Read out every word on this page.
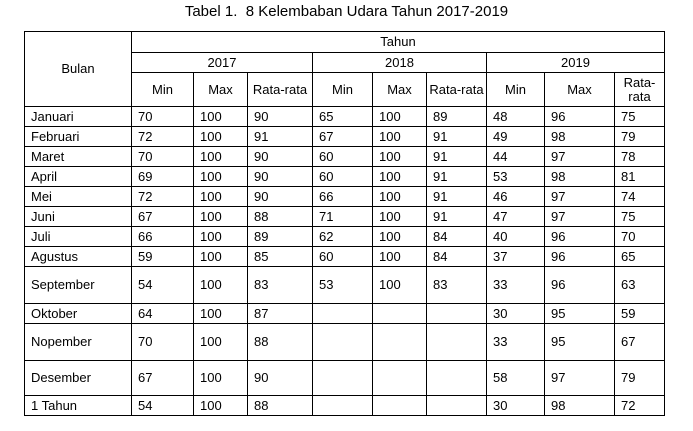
Tabel 1.  8 Kelembaban Udara Tahun 2017-2019
Bulan	Tahun								
	2017			2018			2019		
	Min	Max	Rata-rata	Min	Max	Rata-rata	Min	Max	Rata-rata
Januari	70	100	90	65	100	89	48	96	75
Februari	72	100	91	67	100	91	49	98	79
Maret	70	100	90	60	100	91	44	97	78
April	69	100	90	60	100	91	53	98	81
Mei	72	100	90	66	100	91	46	97	74
Juni	67	100	88	71	100	91	47	97	75
Juli	66	100	89	62	100	84	40	96	70
Agustus	59	100	85	60	100	84	37	96	65
September	54	100	83	53	100	83	33	96	63
Oktober	64	100	87				30	95	59
Nopember	70	100	88				33	95	67
Desember	67	100	90				58	97	79
1 Tahun	54	100	88				30	98	72
